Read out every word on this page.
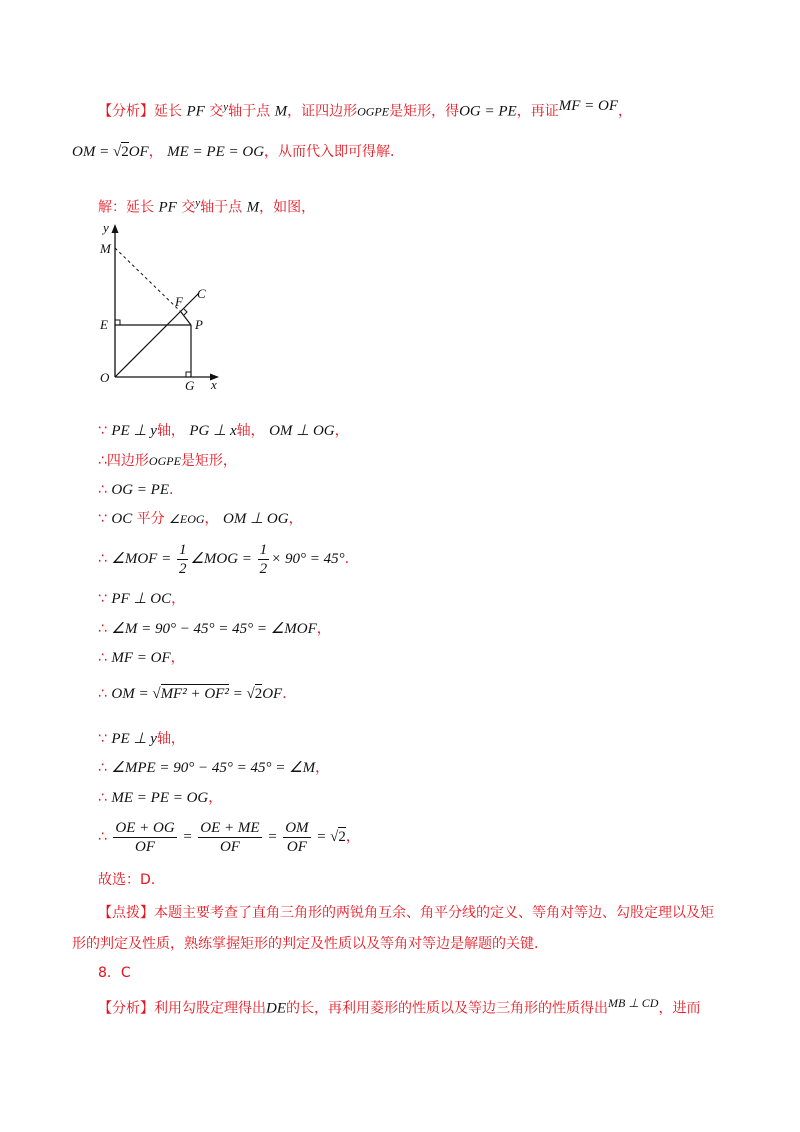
【分析】延长 PF 交$^y$轴于点 M，证四边形OGPE是矩形，得OG = PE，再证$^{MF = OF}$，
OM = √2OF， ME = PE = OG，从而代入即可得解.
解：延长 PF 交$^y$轴于点 M，如图，
y
M
F
C
E	P
O
G x
∵ PE ⊥ y轴， PG ⊥ x轴， OM ⊥ OG，
∴四边形OGPE是矩形，
∴ OG = PE.
∵ OC 平分 ∠EOG， OM ⊥ OG，
∴ ∠MOF = $\frac{1}{2}$ ∠MOG = $\frac{1}{2} \times 90^\circ = 45^\circ$.
∵ PF ⊥ OC，
∴ ∠M = 90° − 45° = 45° = ∠MOF，
∴ MF = OF，
∴ OM = √MF² + OF² = √2OF.
∵ PE ⊥ y轴，
∴ ∠MPE = 90° − 45° = 45° = ∠M，
∴ ME = PE = OG，
∴ $\frac{OE + OG}{OF} = \frac{OE + ME}{OF} = \frac{OM}{OF} = √2$，
故选：D.
【点拨】本题主要考查了直角三角形的两锐角互余、角平分线的定义、等角对等边、勾股定理以及矩
形的判定及性质，熟练掌握矩形的判定及性质以及等角对等边是解题的关键.
8．C
【分析】利用勾股定理得出DE的长，再利用菱形的性质以及等边三角形的性质得出$^{MB \perp CD}$，进而
